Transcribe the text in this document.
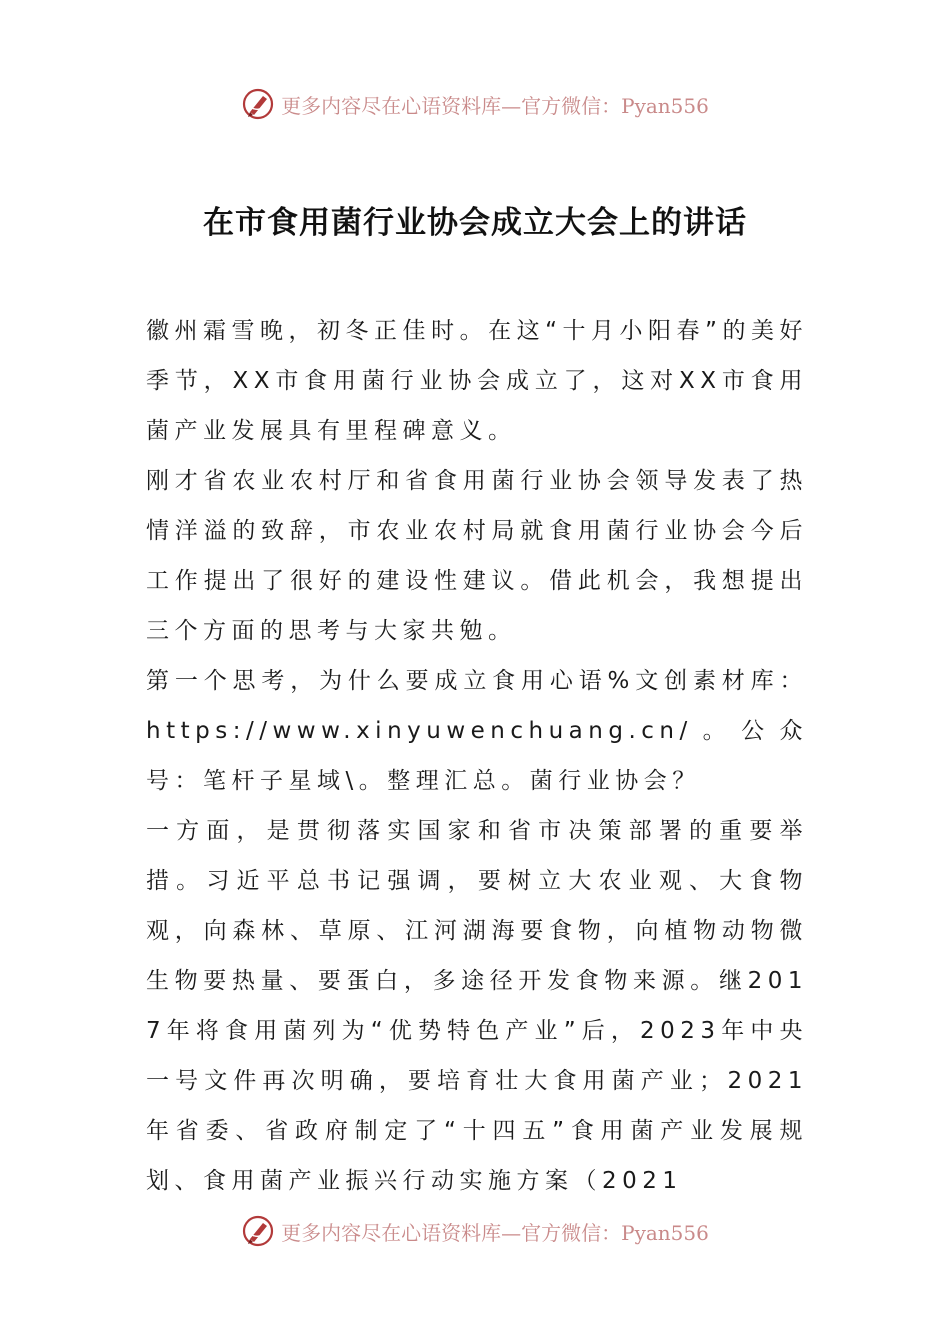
更多内容尽在心语资料库—官方微信：Pyan556
在市食用菌行业协会成立大会上的讲话

徽州霜雪晚，初冬正佳时。在这“十月小阳春”的美好季节，XX市食用菌行业协会成立了，这对XX市食用菌产业发展具有里程碑意义。

刚才省农业农村厅和省食用菌行业协会领导发表了热情洋溢的致辞，市农业农村局就食用菌行业协会今后工作提出了很好的建设性建议。借此机会，我想提出三个方面的思考与大家共勉。

第一个思考，为什么要成立食用心语%文创素材库：https://www.xinyuwenchuang.cn/。公众号：笔杆子星域\。整理汇总。菌行业协会？

一方面，是贯彻落实国家和省市决策部署的重要举措。习近平总书记强调，要树立大农业观、大食物观，向森林、草原、江河湖海要食物，向植物动物微生物要热量、要蛋白，多途径开发食物来源。继2017年将食用菌列为“优势特色产业”后，2023年中央一号文件再次明确，要培育壮大食用菌产业；2021年省委、省政府制定了“十四五”食用菌产业发展规划、食用菌产业振兴行动实施方案（2021

更多内容尽在心语资料库—官方微信：Pyan556
